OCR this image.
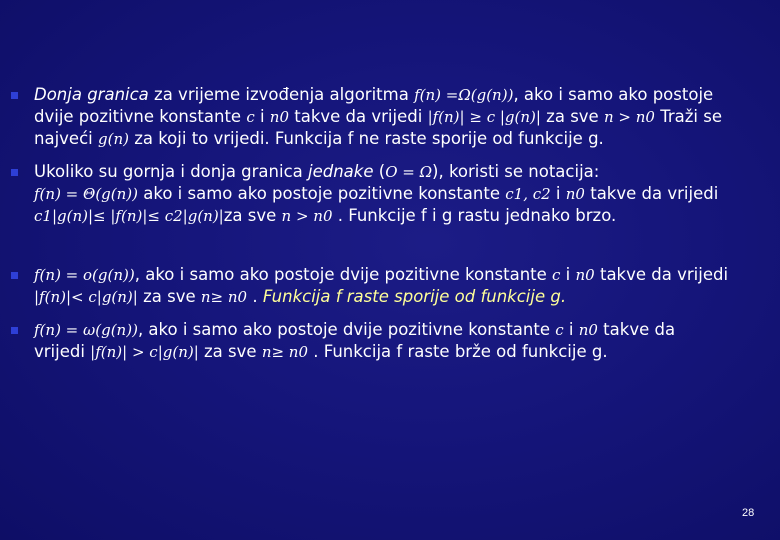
Donja granica za vrijeme izvođenja algoritma f(n) =Ω(g(n)), ako i samo ako postoje
dvije pozitivne konstante c i n0 takve da vrijedi |f(n)| ≥ c |g(n)| za sve n > n0 Traži se
najveći g(n) za koji to vrijedi. Funkcija f ne raste sporije od funkcije g.
Ukoliko su gornja i donja granica jednake (O = Ω), koristi se notacija:
f(n) = Θ(g(n)) ako i samo ako postoje pozitivne konstante c1, c2 i n0 takve da vrijedi
c1|g(n)|≤ |f(n)|≤ c2|g(n)|za sve n > n0 . Funkcije f i g rastu jednako brzo.
f(n) = o(g(n)), ako i samo ako postoje dvije pozitivne konstante c i n0 takve da vrijedi
|f(n)|< c|g(n)| za sve n≥ n0 . Funkcija f raste sporije od funkcije g.
f(n) = ω(g(n)), ako i samo ako postoje dvije pozitivne konstante c i n0 takve da
vrijedi |f(n)| > c|g(n)| za sve n≥ n0 . Funkcija f raste brže od funkcije g.
28
